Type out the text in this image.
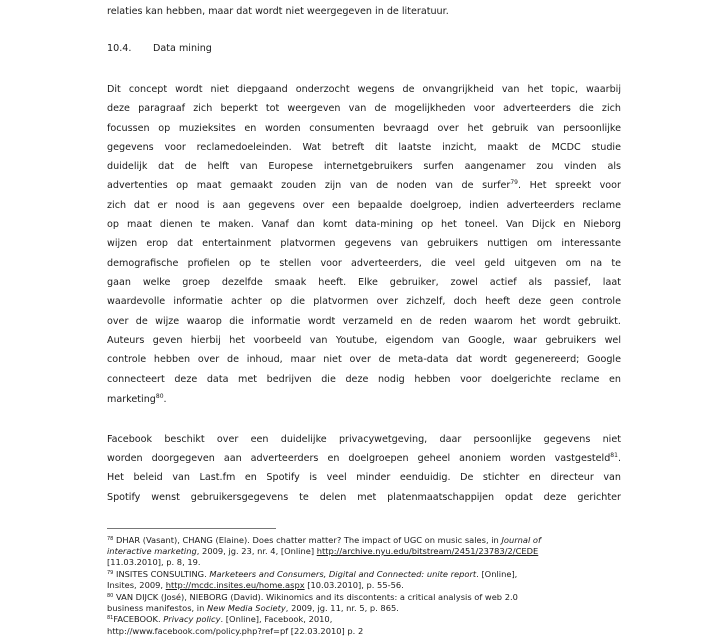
relaties kan hebben, maar dat wordt niet weergegeven in de literatuur.
10.4. Data mining
Dit concept wordt niet diepgaand onderzocht wegens de onvangrijkheid van het topic, waarbij
deze paragraaf zich beperkt tot weergeven van de mogelijkheden voor adverteerders die zich
focussen op muzieksites en worden consumenten bevraagd over het gebruik van persoonlijke
gegevens voor reclamedoeleinden. Wat betreft dit laatste inzicht, maakt de MCDC studie
duidelijk dat de helft van Europese internetgebruikers surfen aangenamer zou vinden als
advertenties op maat gemaakt zouden zijn van de noden van de surfer$^{79}$. Het spreekt voor
zich dat er nood is aan gegevens over een bepaalde doelgroep, indien adverteerders reclame
op maat dienen te maken. Vanaf dan komt data-mining op het toneel. Van Dijck en Nieborg
wijzen erop dat entertainment platvormen gegevens van gebruikers nuttigen om interessante
demografische profielen op te stellen voor adverteerders, die veel geld uitgeven om na te
gaan welke groep dezelfde smaak heeft. Elke gebruiker, zowel actief als passief, laat
waardevolle informatie achter op die platvormen over zichzelf, doch heeft deze geen controle
over de wijze waarop die informatie wordt verzameld en de reden waarom het wordt gebruikt.
Auteurs geven hierbij het voorbeeld van Youtube, eigendom van Google, waar gebruikers wel
controle hebben over de inhoud, maar niet over de meta-data dat wordt gegenereerd; Google
connecteert deze data met bedrijven die deze nodig hebben voor doelgerichte reclame en
marketing$^{80}$.
Facebook beschikt over een duidelijke privacywetgeving, daar persoonlijke gegevens niet
worden doorgegeven aan adverteerders en doelgroepen geheel anoniem worden vastgesteld$^{81}$.
Het beleid van Last.fm en Spotify is veel minder eenduidig. De stichter en directeur van
Spotify wenst gebruikersgegevens te delen met platenmaatschappijen opdat deze gerichter
$^{78}$ DHAR (Vasant), CHANG (Elaine). Does chatter matter? The impact of UGC on music sales, in Journal of
interactive marketing, 2009, jg. 23, nr. 4, [Online] http://archive.nyu.edu/bitstream/2451/23783/2/CEDE
[11.03.2010], p. 8, 19.
$^{79}$ INSITES CONSULTING. Marketeers and Consumers, Digital and Connected: unite report. [Online],
Insites, 2009, http://mcdc.insites.eu/home.aspx [10.03.2010], p. 55-56.
$^{80}$ VAN DIJCK (José), NIEBORG (David). Wikinomics and its discontents: a critical analysis of web 2.0
business manifestos, in New Media Society, 2009, jg. 11, nr. 5, p. 865.
$^{81}$FACEBOOK. Privacy policy. [Online], Facebook, 2010,
http://www.facebook.com/policy.php?ref=pf [22.03.2010] p. 2
